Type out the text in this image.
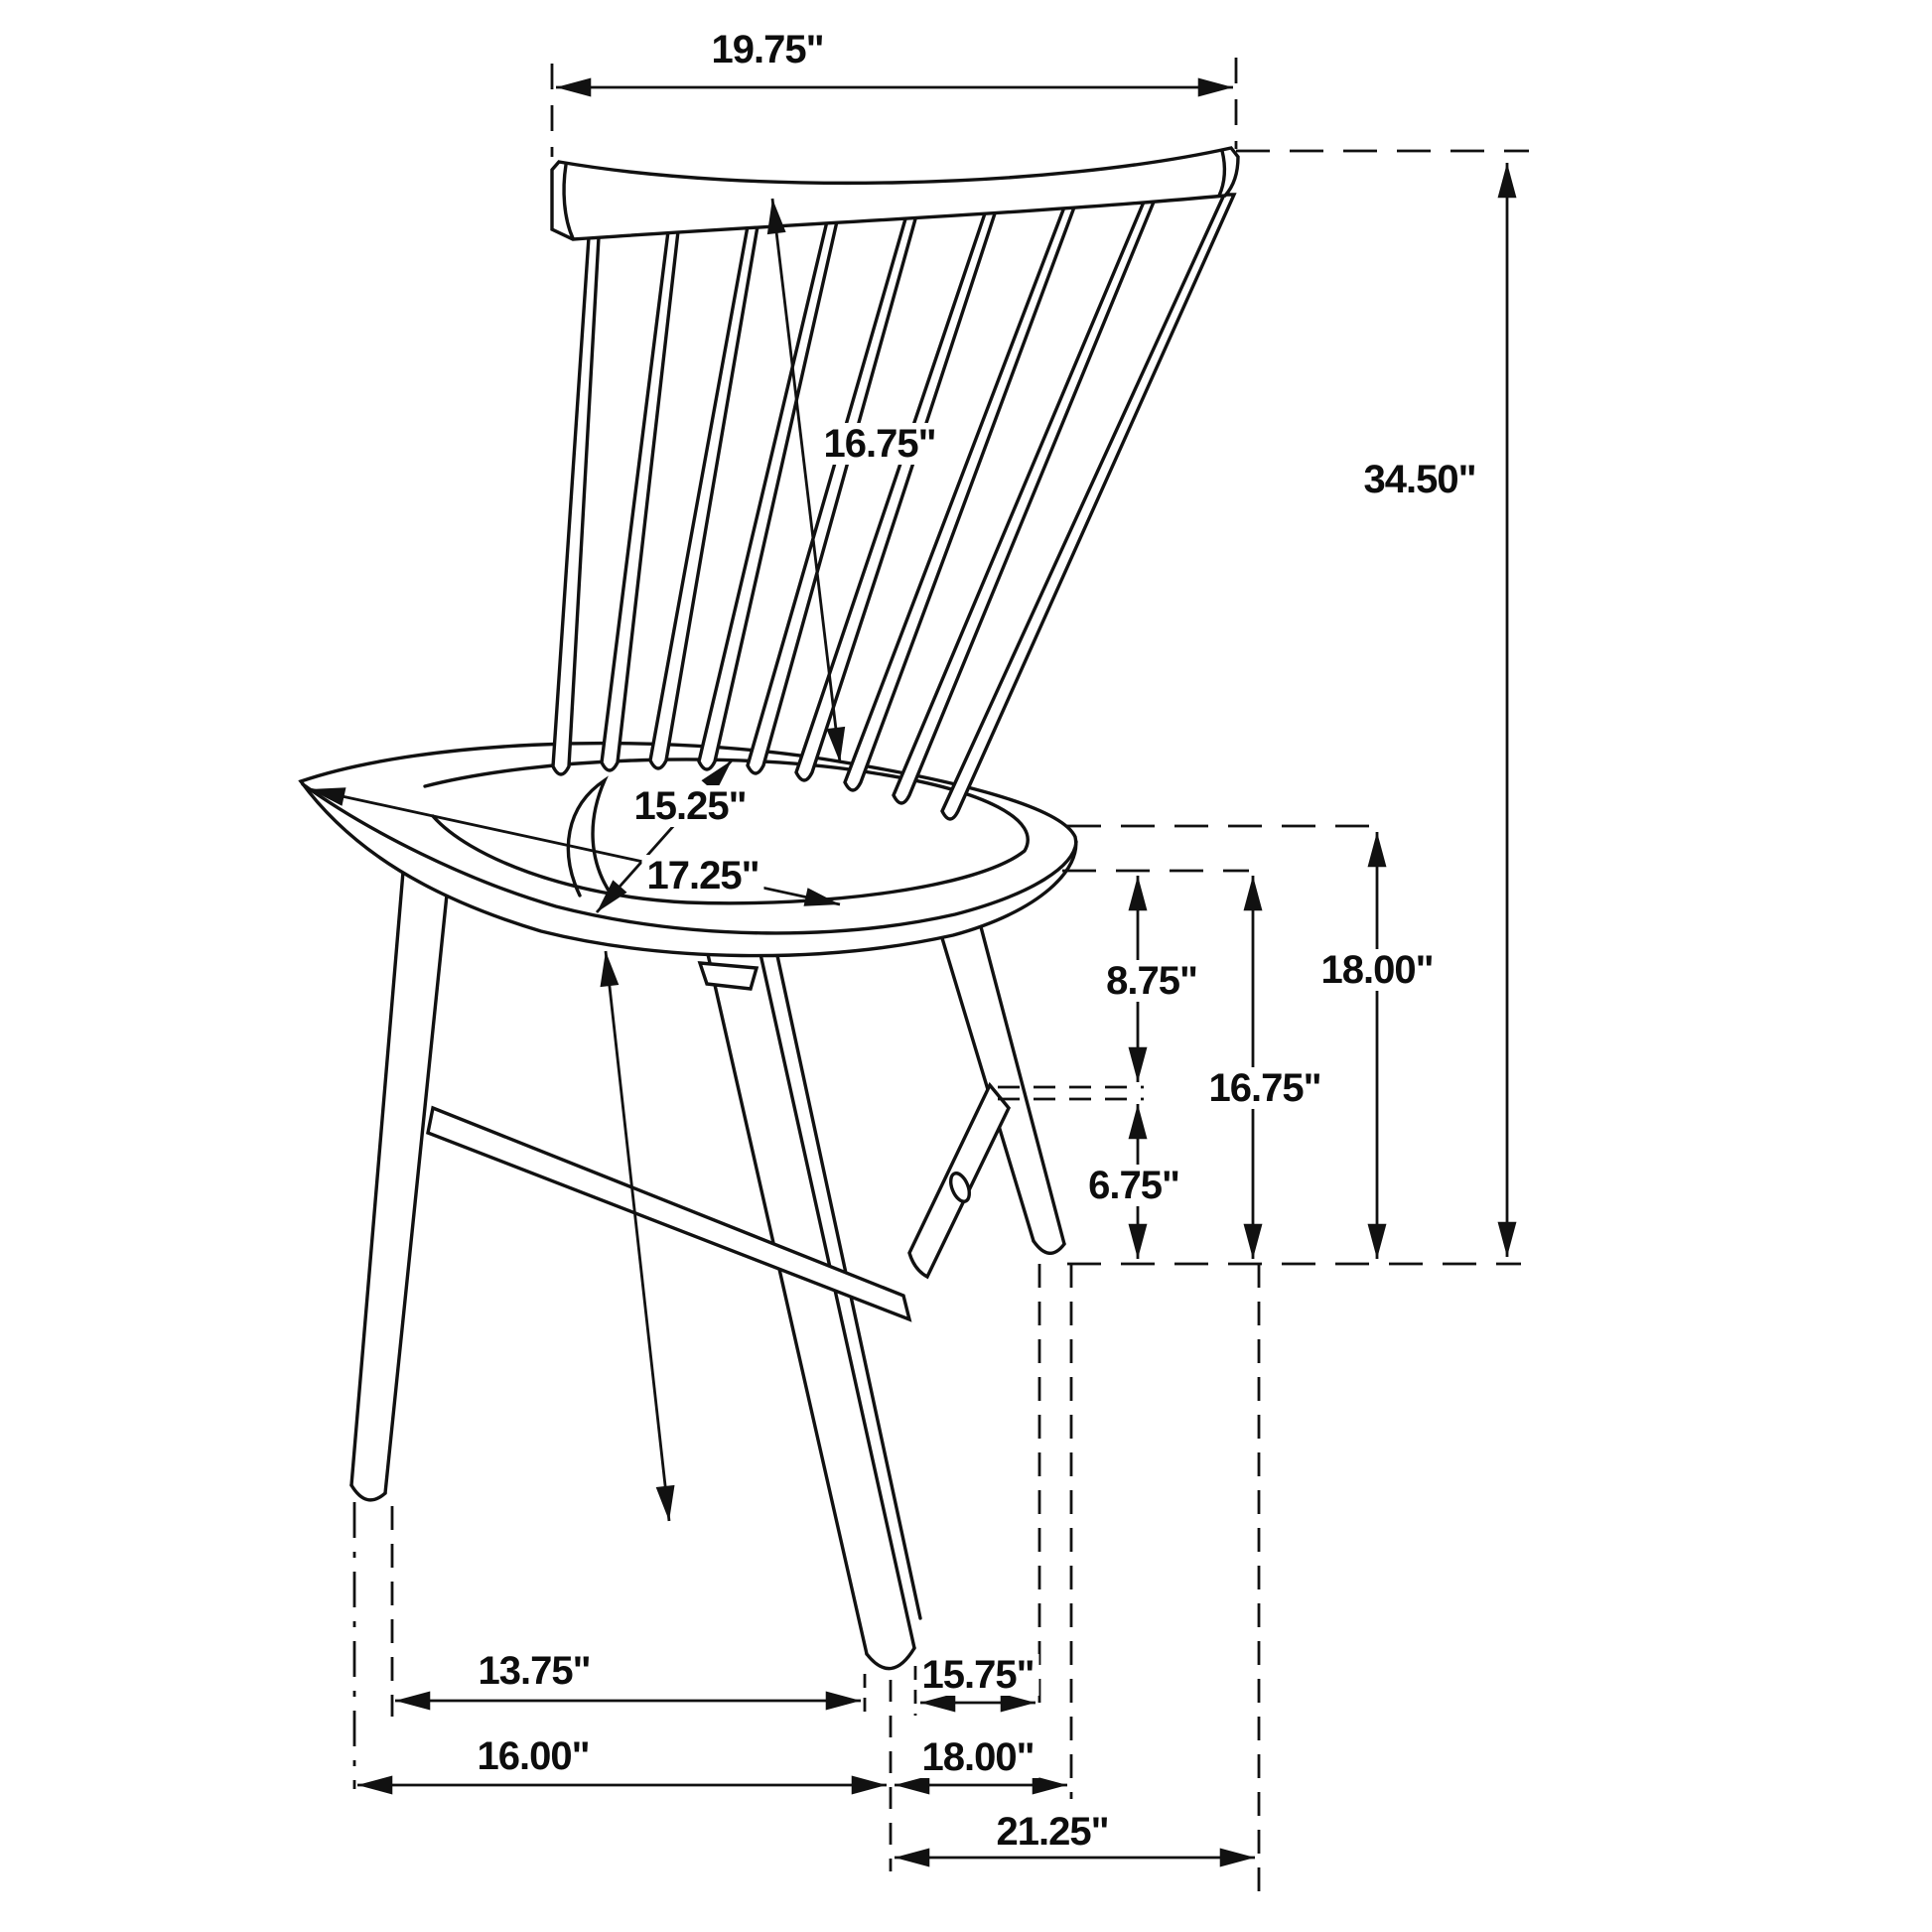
19.75"
34.50"
16.75"
15.25"
17.25"
8.75"	18.00"
16.75"
6.75"
13.75"	15.75"
16.00"	18.00"
21.25"
